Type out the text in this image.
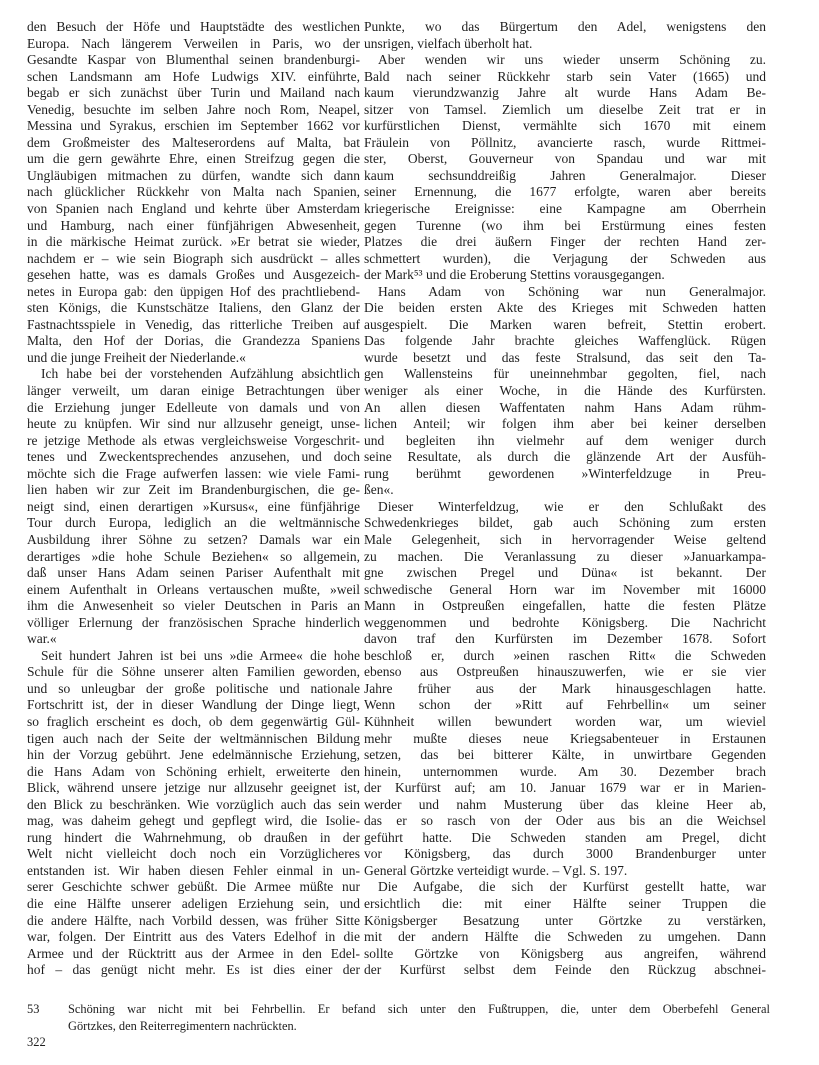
den Besuch der Höfe und Hauptstädte des westlichen
Europa. Nach längerem Verweilen in Paris, wo der
Gesandte Kaspar von Blumenthal seinen brandenburgi-
schen Landsmann am Hofe Ludwigs XIV. einführte,
begab er sich zunächst über Turin und Mailand nach
Venedig, besuchte im selben Jahre noch Rom, Neapel,
Messina und Syrakus, erschien im September 1662 vor
dem Großmeister des Malteserordens auf Malta, bat
um die gern gewährte Ehre, einen Streifzug gegen die
Ungläubigen mitmachen zu dürfen, wandte sich dann
nach glücklicher Rückkehr von Malta nach Spanien,
von Spanien nach England und kehrte über Amsterdam
und Hamburg, nach einer fünfjährigen Abwesenheit,
in die märkische Heimat zurück. »Er betrat sie wieder,
nachdem er – wie sein Biograph sich ausdrückt – alles
gesehen hatte, was es damals Großes und Ausgezeich-
netes in Europa gab: den üppigen Hof des prachtliebend-
sten Königs, die Kunstschätze Italiens, den Glanz der
Fastnachtsspiele in Venedig, das ritterliche Treiben auf
Malta, den Hof der Dorias, die Grandezza Spaniens
und die junge Freiheit der Niederlande.«
Ich habe bei der vorstehenden Aufzählung absichtlich
länger verweilt, um daran einige Betrachtungen über
die Erziehung junger Edelleute von damals und von
heute zu knüpfen. Wir sind nur allzusehr geneigt, unse-
re jetzige Methode als etwas vergleichsweise Vorgeschrit-
tenes und Zweckentsprechendes anzusehen, und doch
möchte sich die Frage aufwerfen lassen: wie viele Fami-
lien haben wir zur Zeit im Brandenburgischen, die ge-
neigt sind, einen derartigen »Kursus«, eine fünfjährige
Tour durch Europa, lediglich an die weltmännische
Ausbildung ihrer Söhne zu setzen? Damals war ein
derartiges »die hohe Schule Beziehen« so allgemein,
daß unser Hans Adam seinen Pariser Aufenthalt mit
einem Aufenthalt in Orleans vertauschen mußte, »weil
ihm die Anwesenheit so vieler Deutschen in Paris an
völliger Erlernung der französischen Sprache hinderlich
war.«
Seit hundert Jahren ist bei uns »die Armee« die hohe
Schule für die Söhne unserer alten Familien geworden,
und so unleugbar der große politische und nationale
Fortschritt ist, der in dieser Wandlung der Dinge liegt,
so fraglich erscheint es doch, ob dem gegenwärtig Gül-
tigen auch nach der Seite der weltmännischen Bildung
hin der Vorzug gebührt. Jene edelmännische Erziehung,
die Hans Adam von Schöning erhielt, erweiterte den
Blick, während unsere jetzige nur allzusehr geeignet ist,
den Blick zu beschränken. Wie vorzüglich auch das sein
mag, was daheim gehegt und gepflegt wird, die Isolie-
rung hindert die Wahrnehmung, ob draußen in der
Welt nicht vielleicht doch noch ein Vorzüglicheres
entstanden ist. Wir haben diesen Fehler einmal in un-
serer Geschichte schwer gebüßt. Die Armee müßte nur
die eine Hälfte unserer adeligen Erziehung sein, und
die andere Hälfte, nach Vorbild dessen, was früher Sitte
war, folgen. Der Eintritt aus des Vaters Edelhof in die
Armee und der Rücktritt aus der Armee in den Edel-
hof – das genügt nicht mehr. Es ist dies einer der
Punkte, wo das Bürgertum den Adel, wenigstens den
unsrigen, vielfach überholt hat.
Aber wenden wir uns wieder unserm Schöning zu.
Bald nach seiner Rückkehr starb sein Vater (1665) und
kaum vierundzwanzig Jahre alt wurde Hans Adam Be-
sitzer von Tamsel. Ziemlich um dieselbe Zeit trat er in
kurfürstlichen Dienst, vermählte sich 1670 mit einem
Fräulein von Pöllnitz, avancierte rasch, wurde Rittmei-
ster, Oberst, Gouverneur von Spandau und war mit
kaum sechsunddreißig Jahren Generalmajor. Dieser
seiner Ernennung, die 1677 erfolgte, waren aber bereits
kriegerische Ereignisse: eine Kampagne am Oberrhein
gegen Turenne (wo ihm bei Erstürmung eines festen
Platzes die drei äußern Finger der rechten Hand zer-
schmettert wurden), die Verjagung der Schweden aus
der Mark⁵³ und die Eroberung Stettins vorausgegangen.
Hans Adam von Schöning war nun Generalmajor.
Die beiden ersten Akte des Krieges mit Schweden hatten
ausgespielt. Die Marken waren befreit, Stettin erobert.
Das folgende Jahr brachte gleiches Waffenglück. Rügen
wurde besetzt und das feste Stralsund, das seit den Ta-
gen Wallensteins für uneinnehmbar gegolten, fiel, nach
weniger als einer Woche, in die Hände des Kurfürsten.
An allen diesen Waffentaten nahm Hans Adam rühm-
lichen Anteil; wir folgen ihm aber bei keiner derselben
und begleiten ihn vielmehr auf dem weniger durch
seine Resultate, als durch die glänzende Art der Ausfüh-
rung berühmt gewordenen »Winterfeldzuge in Preu-
ßen«.
Dieser Winterfeldzug, wie er den Schlußakt des
Schwedenkrieges bildet, gab auch Schöning zum ersten
Male Gelegenheit, sich in hervorragender Weise geltend
zu machen. Die Veranlassung zu dieser »Januarkampa-
gne zwischen Pregel und Düna« ist bekannt. Der
schwedische General Horn war im November mit 16000
Mann in Ostpreußen eingefallen, hatte die festen Plätze
weggenommen und bedrohte Königsberg. Die Nachricht
davon traf den Kurfürsten im Dezember 1678. Sofort
beschloß er, durch »einen raschen Ritt« die Schweden
ebenso aus Ostpreußen hinauszuwerfen, wie er sie vier
Jahre früher aus der Mark hinausgeschlagen hatte.
Wenn schon der »Ritt auf Fehrbellin« um seiner
Kühnheit willen bewundert worden war, um wieviel
mehr mußte dieses neue Kriegsabenteuer in Erstaunen
setzen, das bei bitterer Kälte, in unwirtbare Gegenden
hinein, unternommen wurde. Am 30. Dezember brach
der Kurfürst auf; am 10. Januar 1679 war er in Marien-
werder und nahm Musterung über das kleine Heer ab,
das er so rasch von der Oder aus bis an die Weichsel
geführt hatte. Die Schweden standen am Pregel, dicht
vor Königsberg, das durch 3000 Brandenburger unter
General Görtzke verteidigt wurde. – Vgl. S. 197.
Die Aufgabe, die sich der Kurfürst gestellt hatte, war
ersichtlich die: mit einer Hälfte seiner Truppen die
Königsberger Besatzung unter Görtzke zu verstärken,
mit der andern Hälfte die Schweden zu umgehen. Dann
sollte Görtzke von Königsberg aus angreifen, während
der Kurfürst selbst dem Feinde den Rückzug abschnei-
53	Schöning war nicht mit bei Fehrbellin. Er befand sich unter den Fußtruppen, die, unter dem Oberbefehl General
Görtzkes, den Reiterregimentern nachrückten.
322
